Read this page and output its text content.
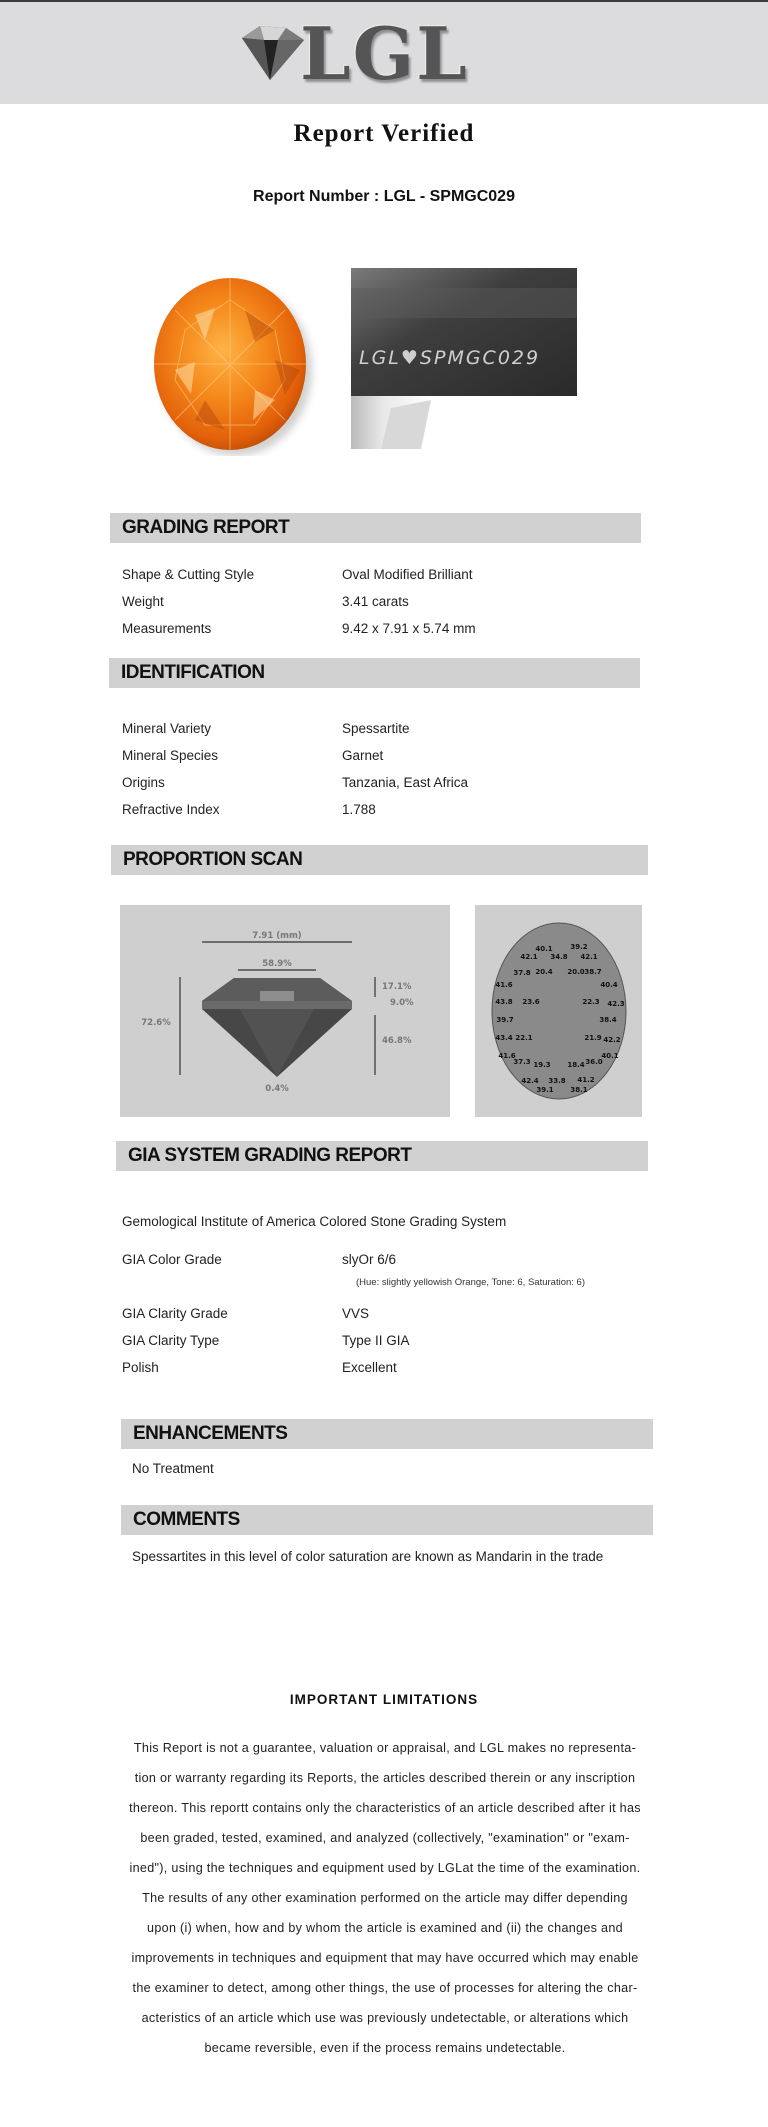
LGL
Report Verified
Report Number : LGL - SPMGC029
LGL♥SPMGC029
GRADING REPORT
Shape & Cutting Style	Oval Modified Brilliant
Weight	3.41 carats
Measurements	9.42 x 7.91 x 5.74 mm
IDENTIFICATION
Mineral Variety	Spessartite
Mineral Species	Garnet
Origins	Tanzania, East Africa
Refractive Index	1.788
PROPORTION SCAN
7.91 (mm)
58.9%
72.6%
17.1%
9.0%
46.8%
0.4%
40.1	39.2
42.1 34.8 42.1
37.8 20.4 20.0 38.7
41.6	40.4
43.8 23.6	22.3 42.3
39.7	38.4
43.4 22.1	21.9 42.2
41.6	40.1
37.3 19.3 18.4 36.0
42.4 33.8 41.2
39.1 38.1
GIA SYSTEM GRADING REPORT
Gemological Institute of America Colored Stone Grading System
GIA Color Grade	slyOr 6/6
(Hue: slightly yellowish Orange, Tone: 6, Saturation: 6)
GIA Clarity Grade	VVS
GIA Clarity Type	Type II GIA
Polish	Excellent
ENHANCEMENTS
No Treatment
COMMENTS
Spessartites in this level of color saturation are known as Mandarin in the trade
IMPORTANT LIMITATIONS
This Report is not a guarantee, valuation or appraisal, and LGL makes no representa-
tion or warranty regarding its Reports, the articles described therein or any inscription
thereon. This reportt contains only the characteristics of an article described after it has
been graded, tested, examined, and analyzed (collectively, "examination" or "exam-
ined"), using the techniques and equipment used by LGLat the time of the examination.
The results of any other examination performed on the article may differ depending
upon (i) when, how and by whom the article is examined and (ii) the changes and
improvements in techniques and equipment that may have occurred which may enable
the examiner to detect, among other things, the use of processes for altering the char-
acteristics of an article which use was previously undetectable, or alterations which
became reversible, even if the process remains undetectable.
